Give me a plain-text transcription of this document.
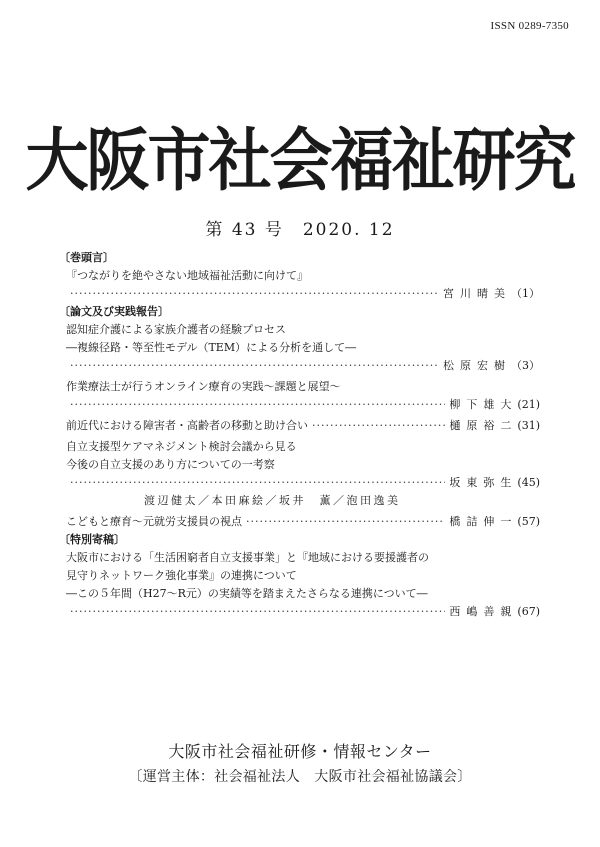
ISSN 0289-7350
大阪市社会福祉研究
第 43 号　2020. 12
〔巻頭言〕
『つながりを絶やさない地域福祉活動に向けて』
·····
宮川晴美 （1）
〔論文及び実践報告〕
認知症介護による家族介護者の経験プロセス
―複線径路・等至性モデル（TEM）による分析を通して―
·····
松原宏樹 （3）
作業療法士が行うオンライン療育の実践～課題と展望～
·····
柳下雄大 (21)
前近代における障害者・高齢者の移動と助け合い ·····	樋原裕二 (31)
自立支援型ケアマネジメント検討会議から見る
今後の自立支援のあり方についての一考察
·····
坂東弥生 (45)
渡辺健太／本田麻絵／坂井　薫／泡田逸美
こどもと療育～元就労支援員の視点 ·····	橋詰伸一 (57)
〔特別寄稿〕
大阪市における「生活困窮者自立支援事業」と『地域における要援護者の
見守りネットワーク強化事業』の連携について
―この５年間（H27～R元）の実績等を踏まえたさらなる連携について―
·····
西嶋善親 (67)
大阪市社会福祉研修・情報センター
〔運営主体：社会福祉法人　大阪市社会福祉協議会〕
